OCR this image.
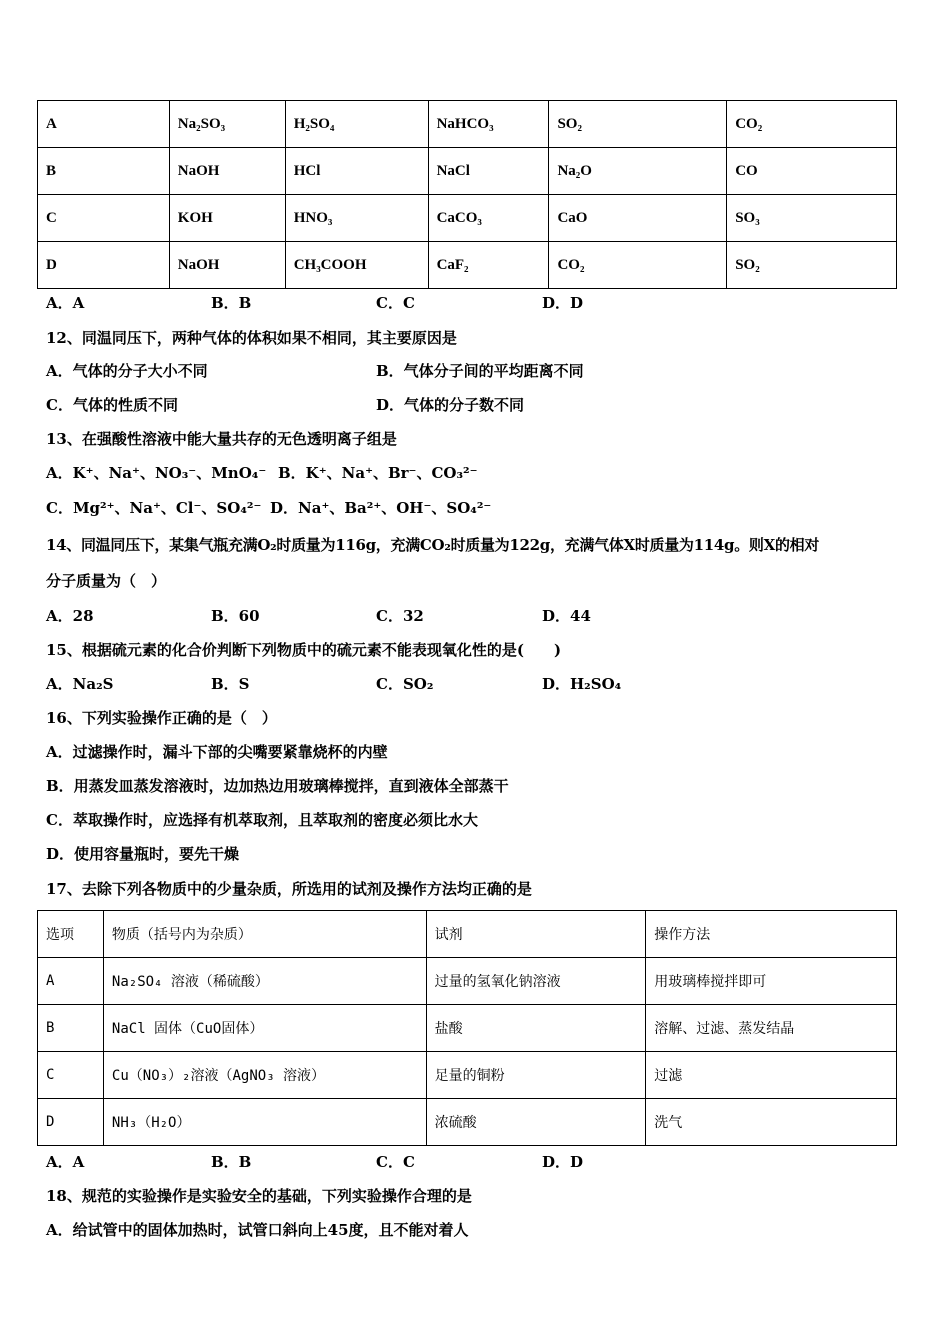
A	Na₂SO₃	H₂SO₄	NaHCO₃	SO₂	CO₂
B	NaOH	HCl	NaCl	Na₂O	CO
C	KOH	HNO₃	CaCO₃	CaO	SO₃
D	NaOH	CH₃COOH	CaF₂	CO₂	SO₂
A．A	B．B	C．C	D．D
12、同温同压下，两种气体的体积如果不相同，其主要原因是
A．气体的分子大小不同	B．气体分子间的平均距离不同
C．气体的性质不同	D．气体的分子数不同
13、在强酸性溶液中能大量共存的无色透明离子组是
A．K⁺、Na⁺、NO₃⁻、MnO₄⁻ B．K⁺、Na⁺、Br⁻、CO₃²⁻
C．Mg²⁺、Na⁺、Cl⁻、SO₄²⁻ D．Na⁺、Ba²⁺、OH⁻、SO₄²⁻
14、同温同压下，某集气瓶充满O₂时质量为116g，充满CO₂时质量为122g，充满气体X时质量为114g。则X的相对
分子质量为（　）
A．28	B．60	C．32	D．44
15、根据硫元素的化合价判断下列物质中的硫元素不能表现氧化性的是(　　)
A．Na₂S	B．S	C．SO₂	D．H₂SO₄
16、下列实验操作正确的是（　）
A．过滤操作时，漏斗下部的尖嘴要紧靠烧杯的内壁
B．用蒸发皿蒸发溶液时，边加热边用玻璃棒搅拌，直到液体全部蒸干
C．萃取操作时，应选择有机萃取剂，且萃取剂的密度必须比水大
D．使用容量瓶时，要先干燥
17、去除下列各物质中的少量杂质，所选用的试剂及操作方法均正确的是
选项	物质（括号内为杂质）	试剂	操作方法
A	Na₂SO₄ 溶液（稀硫酸）	过量的氢氧化钠溶液	用玻璃棒搅拌即可
B	NaCl 固体（CuO固体）	盐酸	溶解、过滤、蒸发结晶
C	Cu（NO₃）₂溶液（AgNO₃ 溶液）	足量的铜粉	过滤
D	NH₃（H₂O）	浓硫酸	洗气
A．A	B．B	C．C	D．D
18、规范的实验操作是实验安全的基础，下列实验操作合理的是
A．给试管中的固体加热时，试管口斜向上45度，且不能对着人
